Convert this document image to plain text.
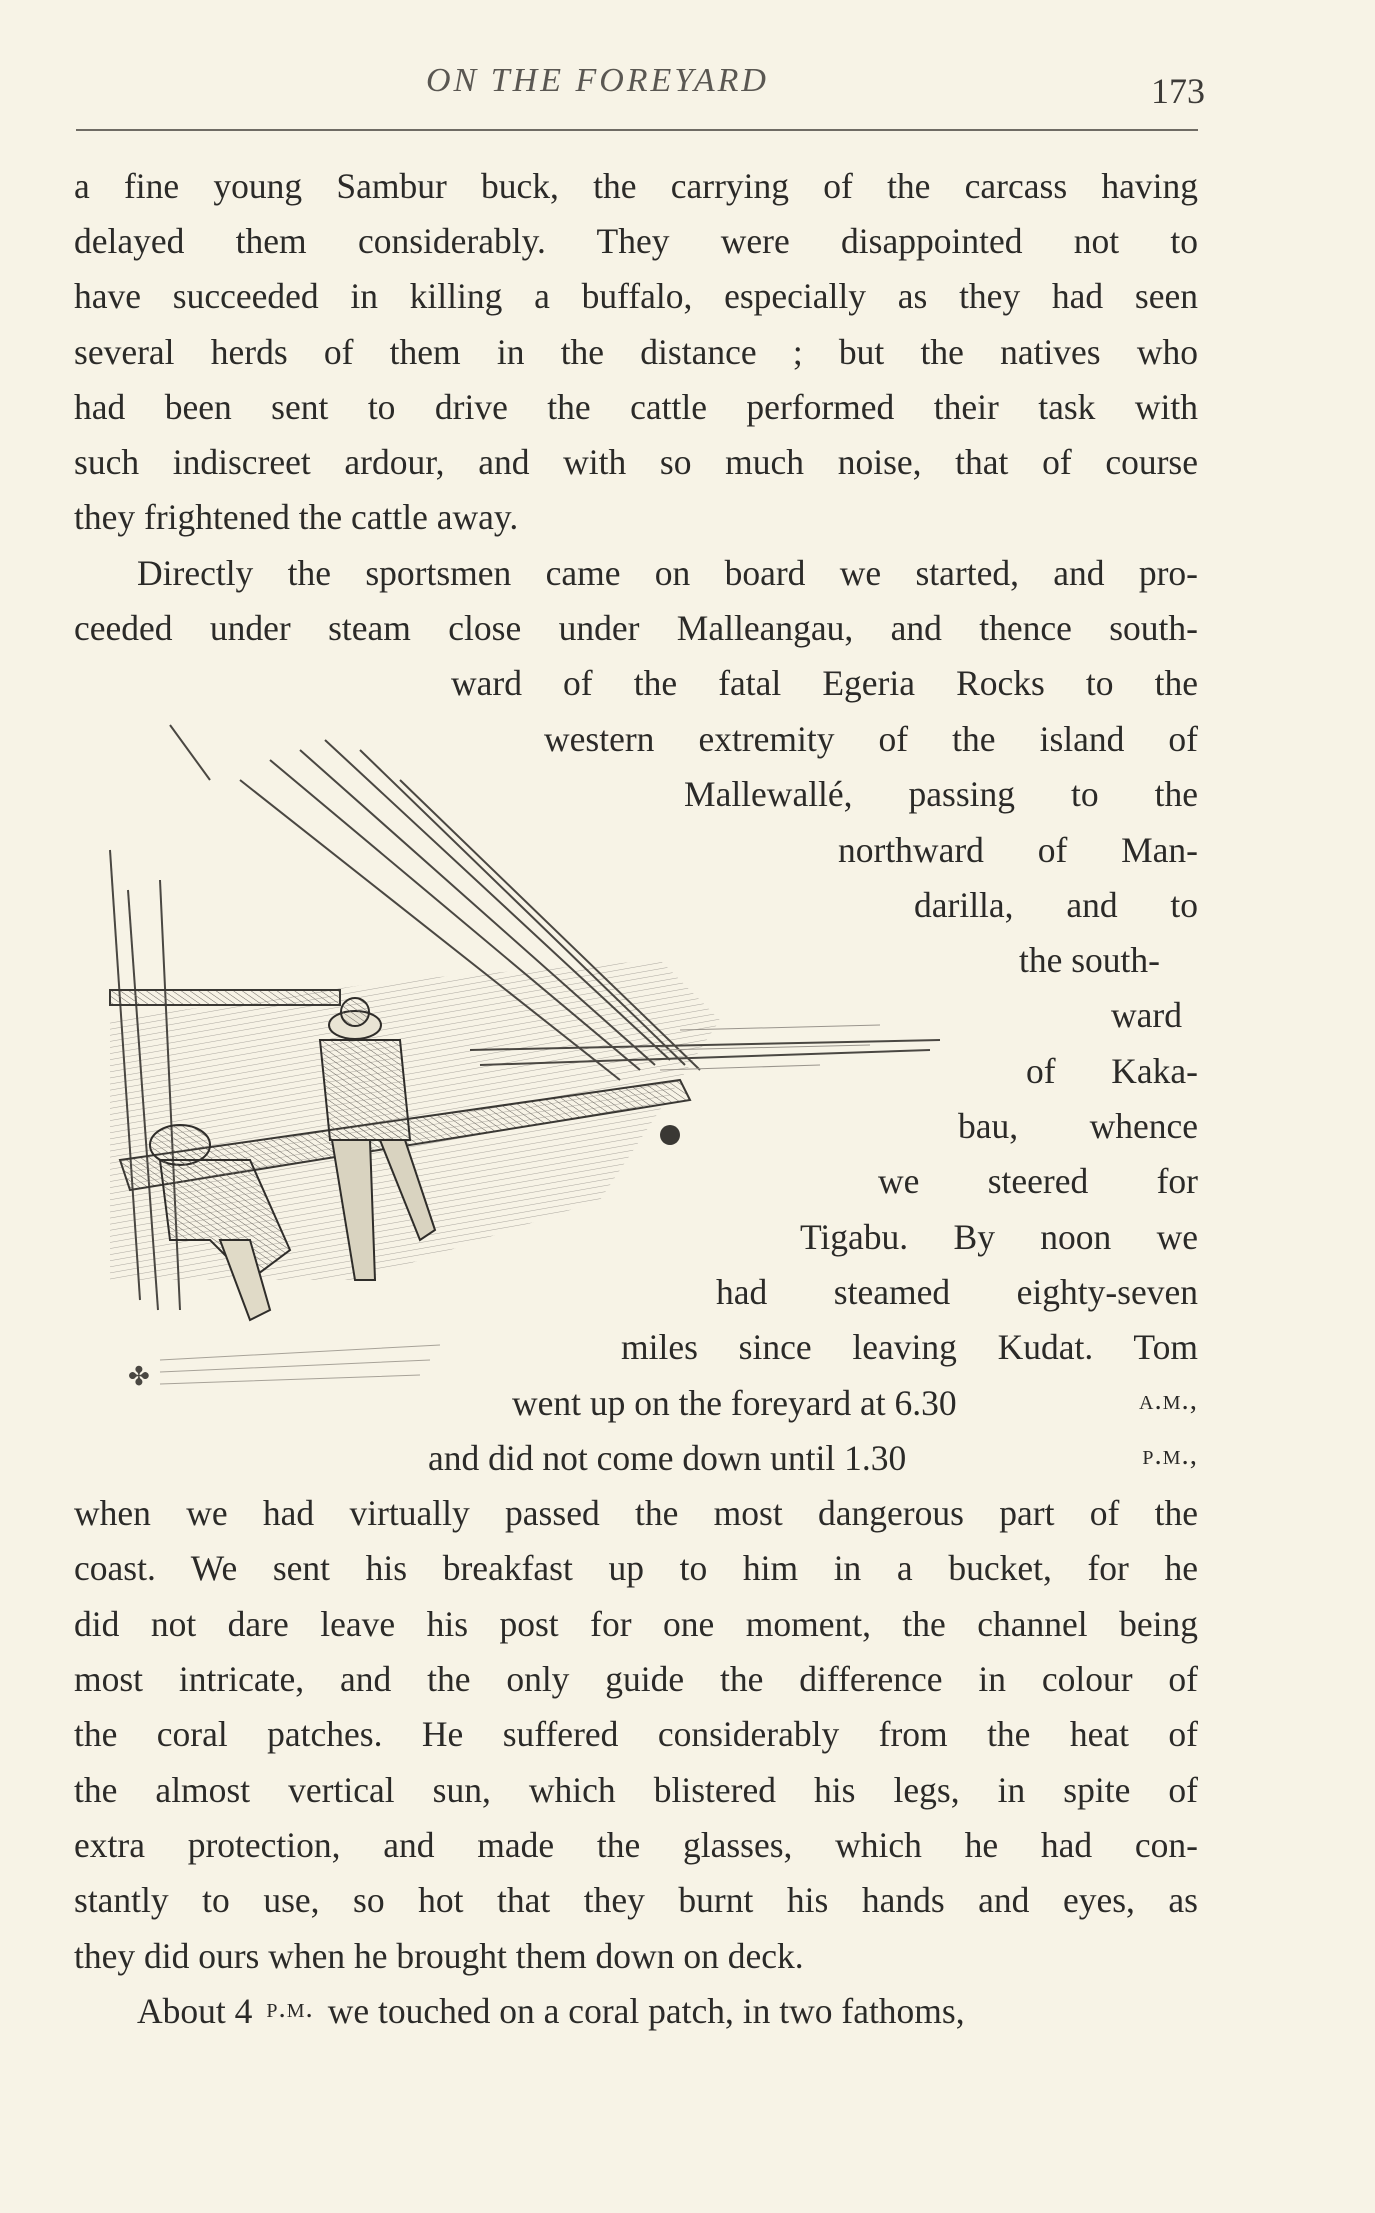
ON THE FOREYARD	173
✤
a fine young Sambur buck, the carrying of the carcass having
delayed them considerably. They were disappointed not to
have succeeded in killing a buffalo, especially as they had seen
several herds of them in the distance ; but the natives who
had been sent to drive the cattle performed their task with
such indiscreet ardour, and with so much noise, that of course
they frightened the cattle away.
Directly the sportsmen came on board we started, and pro-
ceeded under steam close under Malleangau, and thence south-
ward of the fatal Egeria Rocks to the
western extremity of the island of
Mallewallé, passing to the
northward of Man-
darilla, and to
the south-
ward
of Kaka-
bau, whence
we steered for
Tigabu. By noon we
had steamed eighty-seven
miles since leaving Kudat. Tom
went up on the foreyard at 6.30	a.m.,
and did not come down until 1.30	p.m.,
when we had virtually passed the most dangerous part of the
coast. We sent his breakfast up to him in a bucket, for he
did not dare leave his post for one moment, the channel being
most intricate, and the only guide the difference in colour of
the coral patches. He suffered considerably from the heat of
the almost vertical sun, which blistered his legs, in spite of
extra protection, and made the glasses, which he had con-
stantly to use, so hot that they burnt his hands and eyes, as
they did ours when he brought them down on deck.
About 4 p.m. we touched on a coral patch, in two fathoms,
